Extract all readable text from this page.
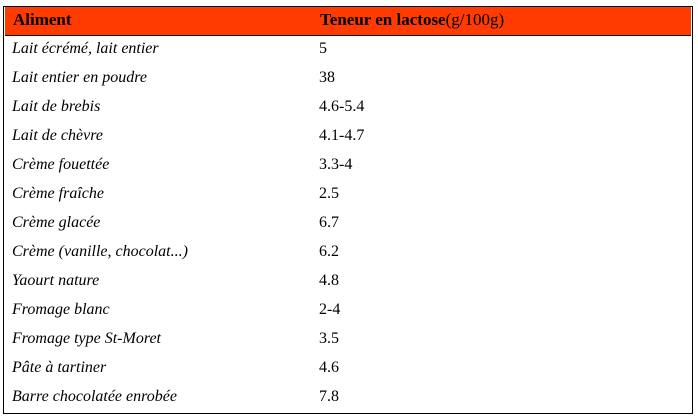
Aliment	Teneur en lactose(g/100g)
Lait écrémé, lait entier	5
Lait entier en poudre	38
Lait de brebis	4.6-5.4
Lait de chèvre	4.1-4.7
Crème fouettée	3.3-4
Crème fraîche	2.5
Crème glacée	6.7
Crème (vanille, chocolat...)	6.2
Yaourt nature	4.8
Fromage blanc	2-4
Fromage type St-Moret	3.5
Pâte à tartiner	4.6
Barre chocolatée enrobée	7.8
